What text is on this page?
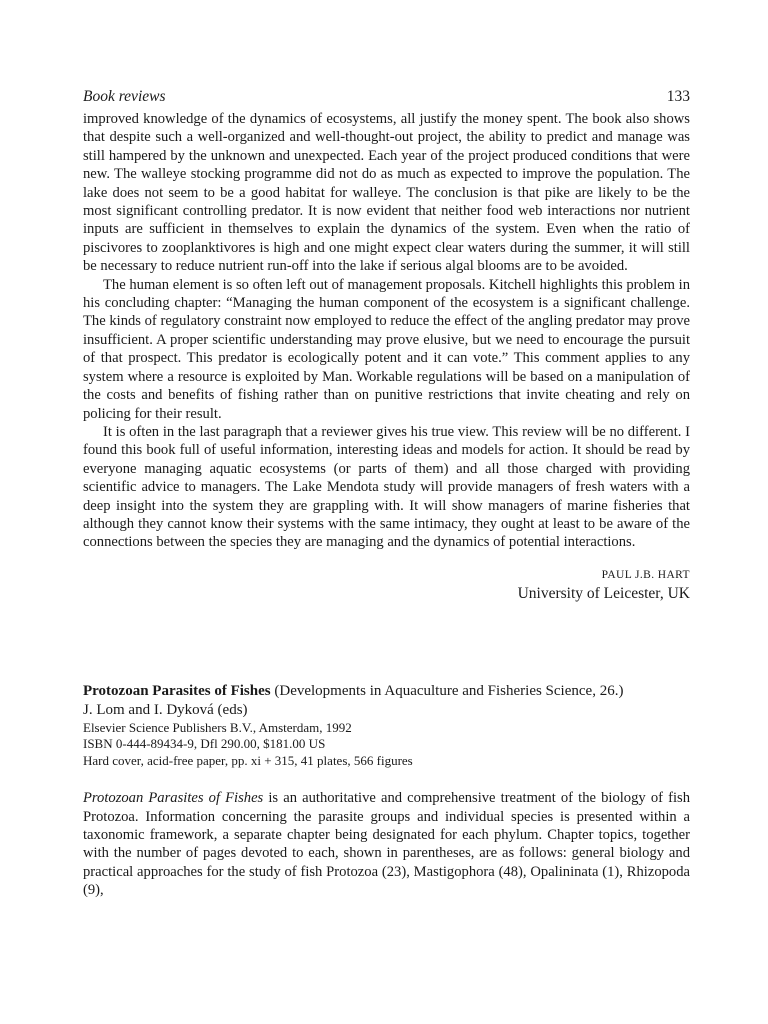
Book reviews	133

improved knowledge of the dynamics of ecosystems, all justify the money spent. The book also shows that despite such a well-organized and well-thought-out project, the ability to predict and manage was still hampered by the unknown and unexpected. Each year of the project produced conditions that were new. The walleye stocking programme did not do as much as expected to improve the population. The lake does not seem to be a good habitat for walleye. The conclusion is that pike are likely to be the most significant controlling predator. It is now evident that neither food web interactions nor nutrient inputs are sufficient in themselves to explain the dynamics of the system. Even when the ratio of piscivores to zooplanktivores is high and one might expect clear waters during the summer, it will still be necessary to reduce nutrient run-off into the lake if serious algal blooms are to be avoided.

The human element is so often left out of management proposals. Kitchell highlights this problem in his concluding chapter: “Managing the human component of the ecosystem is a significant challenge. The kinds of regulatory constraint now employed to reduce the effect of the angling predator may prove insufficient. A proper scientific understanding may prove elusive, but we need to encourage the pursuit of that prospect. This predator is ecologically potent and it can vote.” This comment applies to any system where a resource is exploited by Man. Workable regulations will be based on a manipulation of the costs and benefits of fishing rather than on punitive restrictions that invite cheating and rely on policing for their result.

It is often in the last paragraph that a reviewer gives his true view. This review will be no different. I found this book full of useful information, interesting ideas and models for action. It should be read by everyone managing aquatic ecosystems (or parts of them) and all those charged with providing scientific advice to managers. The Lake Mendota study will provide managers of fresh waters with a deep insight into the system they are grappling with. It will show managers of marine fisheries that although they cannot know their systems with the same intimacy, they ought at least to be aware of the connections between the species they are managing and the dynamics of potential interactions.

PAUL J.B. HART
University of Leicester, UK
Protozoan Parasites of Fishes (Developments in Aquaculture and Fisheries Science, 26.)
J. Lom and I. Dyková (eds)
Elsevier Science Publishers B.V., Amsterdam, 1992
ISBN 0-444-89434-9, Dfl 290.00, $181.00 US
Hard cover, acid-free paper, pp. xi + 315, 41 plates, 566 figures

Protozoan Parasites of Fishes is an authoritative and comprehensive treatment of the biology of fish Protozoa. Information concerning the parasite groups and individual species is presented within a taxonomic framework, a separate chapter being designated for each phylum. Chapter topics, together with the number of pages devoted to each, shown in parentheses, are as follows: general biology and practical approaches for the study of fish Protozoa (23), Mastigophora (48), Opalininata (1), Rhizopoda (9),
